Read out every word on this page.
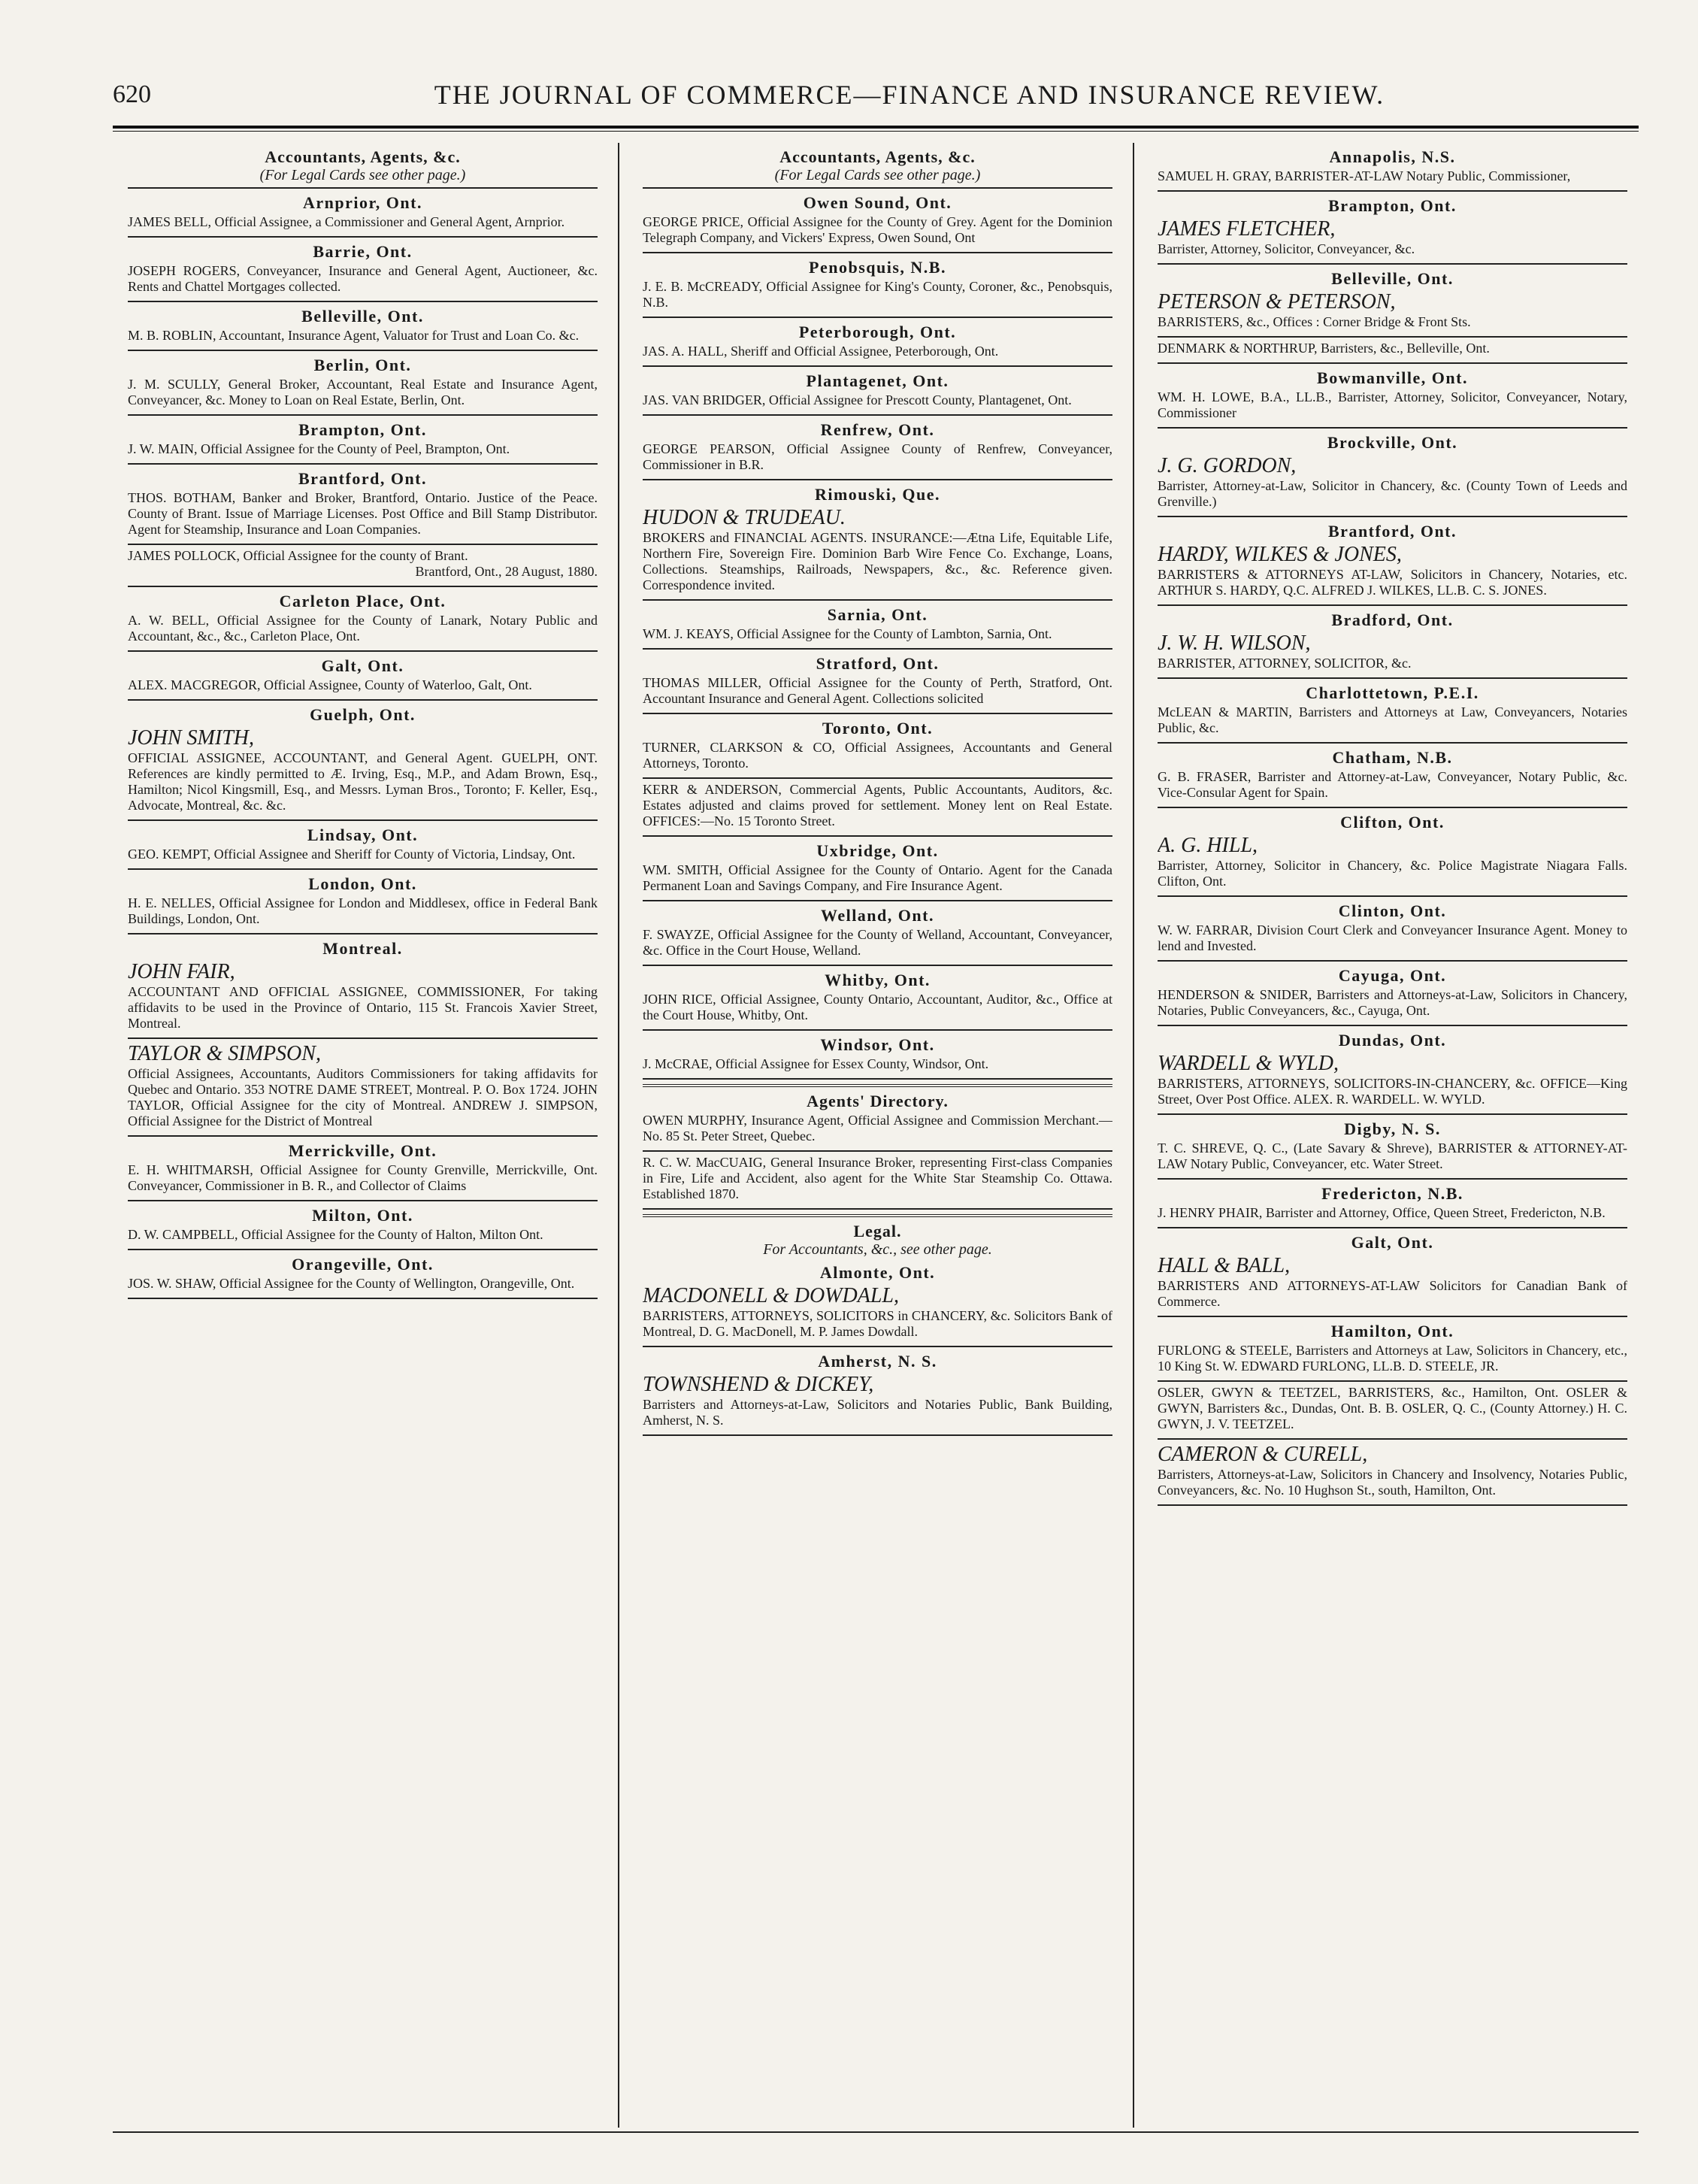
620	THE JOURNAL OF COMMERCE—FINANCE AND INSURANCE REVIEW.
Accountants, Agents, &c.
(For Legal Cards see other page.)
Arnprior, Ont.
JAMES BELL, Official Assignee, a Commissioner and General Agent, Arnprior.
Barrie, Ont.
JOSEPH ROGERS, Conveyancer, Insurance and General Agent, Auctioneer, &c. Rents and Chattel Mortgages collected.
Belleville, Ont.
M. B. ROBLIN, Accountant, Insurance Agent, Valuator for Trust and Loan Co. &c.
Berlin, Ont.
J. M. SCULLY, General Broker, Accountant, Real Estate and Insurance Agent, Conveyancer, &c. Money to Loan on Real Estate, Berlin, Ont.
Brampton, Ont.
J. W. MAIN, Official Assignee for the County of Peel, Brampton, Ont.
Brantford, Ont.
THOS. BOTHAM, Banker and Broker, Brantford, Ontario. Justice of the Peace. County of Brant. Issue of Marriage Licenses. Post Office and Bill Stamp Distributor. Agent for Steamship, Insurance and Loan Companies.
JAMES POLLOCK, Official Assignee for the county of Brant.
Brantford, Ont., 28 August, 1880.
Carleton Place, Ont.
A. W. BELL, Official Assignee for the County of Lanark, Notary Public and Accountant, &c., &c., Carleton Place, Ont.
Galt, Ont.
ALEX. MACGREGOR, Official Assignee, County of Waterloo, Galt, Ont.
Guelph, Ont.
JOHN SMITH,
OFFICIAL ASSIGNEE, ACCOUNTANT, and General Agent. GUELPH, ONT. References are kindly permitted to Æ. Irving, Esq., M.P., and Adam Brown, Esq., Hamilton; Nicol Kingsmill, Esq., and Messrs. Lyman Bros., Toronto; F. Keller, Esq., Advocate, Montreal, &c. &c.
Lindsay, Ont.
GEO. KEMPT, Official Assignee and Sheriff for County of Victoria, Lindsay, Ont.
London, Ont.
H. E. NELLES, Official Assignee for London and Middlesex, office in Federal Bank Buildings, London, Ont.
Montreal.
JOHN FAIR,
ACCOUNTANT AND OFFICIAL ASSIGNEE, COMMISSIONER, For taking affidavits to be used in the Province of Ontario, 115 St. Francois Xavier Street, Montreal.
TAYLOR & SIMPSON,
Official Assignees, Accountants, Auditors Commissioners for taking affidavits for Quebec and Ontario. 353 NOTRE DAME STREET, Montreal. P. O. Box 1724. JOHN TAYLOR, Official Assignee for the city of Montreal. ANDREW J. SIMPSON, Official Assignee for the District of Montreal
Merrickville, Ont.
E. H. WHITMARSH, Official Assignee for County Grenville, Merrickville, Ont. Conveyancer, Commissioner in B. R., and Collector of Claims
Milton, Ont.
D. W. CAMPBELL, Official Assignee for the County of Halton, Milton Ont.
Orangeville, Ont.
JOS. W. SHAW, Official Assignee for the County of Wellington, Orangeville, Ont.
Accountants, Agents, &c.
(For Legal Cards see other page.)
Owen Sound, Ont.
GEORGE PRICE, Official Assignee for the County of Grey. Agent for the Dominion Telegraph Company, and Vickers' Express, Owen Sound, Ont
Penobsquis, N.B.
J. E. B. McCREADY, Official Assignee for King's County, Coroner, &c., Penobsquis, N.B.
Peterborough, Ont.
JAS. A. HALL, Sheriff and Official Assignee, Peterborough, Ont.
Plantagenet, Ont.
JAS. VAN BRIDGER, Official Assignee for Prescott County, Plantagenet, Ont.
Renfrew, Ont.
GEORGE PEARSON, Official Assignee County of Renfrew, Conveyancer, Commissioner in B.R.
Rimouski, Que.
HUDON & TRUDEAU.
BROKERS and FINANCIAL AGENTS. INSURANCE:—Ætna Life, Equitable Life, Northern Fire, Sovereign Fire. Dominion Barb Wire Fence Co. Exchange, Loans, Collections. Steamships, Railroads, Newspapers, &c., &c. Reference given. Correspondence invited.
Sarnia, Ont.
WM. J. KEAYS, Official Assignee for the County of Lambton, Sarnia, Ont.
Stratford, Ont.
THOMAS MILLER, Official Assignee for the County of Perth, Stratford, Ont. Accountant Insurance and General Agent. Collections solicited
Toronto, Ont.
TURNER, CLARKSON & CO, Official Assignees, Accountants and General Attorneys, Toronto.
KERR & ANDERSON, Commercial Agents, Public Accountants, Auditors, &c. Estates adjusted and claims proved for settlement. Money lent on Real Estate. OFFICES:—No. 15 Toronto Street.
Uxbridge, Ont.
WM. SMITH, Official Assignee for the County of Ontario. Agent for the Canada Permanent Loan and Savings Company, and Fire Insurance Agent.
Welland, Ont.
F. SWAYZE, Official Assignee for the County of Welland, Accountant, Conveyancer, &c. Office in the Court House, Welland.
Whitby, Ont.
JOHN RICE, Official Assignee, County Ontario, Accountant, Auditor, &c., Office at the Court House, Whitby, Ont.
Windsor, Ont.
J. McCRAE, Official Assignee for Essex County, Windsor, Ont.
Agents' Directory.
OWEN MURPHY, Insurance Agent, Official Assignee and Commission Merchant.—No. 85 St. Peter Street, Quebec.
R. C. W. MacCUAIG, General Insurance Broker, representing First-class Companies in Fire, Life and Accident, also agent for the White Star Steamship Co. Ottawa. Established 1870.
Legal.
For Accountants, &c., see other page.
Almonte, Ont.
MACDONELL & DOWDALL,
BARRISTERS, ATTORNEYS, SOLICITORS in CHANCERY, &c. Solicitors Bank of Montreal, D. G. MacDonell, M. P. James Dowdall.
Amherst, N. S.
TOWNSHEND & DICKEY,
Barristers and Attorneys-at-Law, Solicitors and Notaries Public, Bank Building, Amherst, N. S.
Annapolis, N.S.
SAMUEL H. GRAY, BARRISTER-AT-LAW Notary Public, Commissioner,
Brampton, Ont.
JAMES FLETCHER,
Barrister, Attorney, Solicitor, Conveyancer, &c.
Belleville, Ont.
PETERSON & PETERSON,
BARRISTERS, &c., Offices : Corner Bridge & Front Sts.
DENMARK & NORTHRUP, Barristers, &c., Belleville, Ont.
Bowmanville, Ont.
WM. H. LOWE, B.A., LL.B., Barrister, Attorney, Solicitor, Conveyancer, Notary, Commissioner
Brockville, Ont.
J. G. GORDON,
Barrister, Attorney-at-Law, Solicitor in Chancery, &c. (County Town of Leeds and Grenville.)
Brantford, Ont.
HARDY, WILKES & JONES,
BARRISTERS & ATTORNEYS AT-LAW, Solicitors in Chancery, Notaries, etc. ARTHUR S. HARDY, Q.C. ALFRED J. WILKES, LL.B. C. S. JONES.
Bradford, Ont.
J. W. H. WILSON,
BARRISTER, ATTORNEY, SOLICITOR, &c.
Charlottetown, P.E.I.
McLEAN & MARTIN, Barristers and Attorneys at Law, Conveyancers, Notaries Public, &c.
Chatham, N.B.
G. B. FRASER, Barrister and Attorney-at-Law, Conveyancer, Notary Public, &c. Vice-Consular Agent for Spain.
Clifton, Ont.
A. G. HILL,
Barrister, Attorney, Solicitor in Chancery, &c. Police Magistrate Niagara Falls. Clifton, Ont.
Clinton, Ont.
W. W. FARRAR, Division Court Clerk and Conveyancer Insurance Agent. Money to lend and Invested.
Cayuga, Ont.
HENDERSON & SNIDER, Barristers and Attorneys-at-Law, Solicitors in Chancery, Notaries, Public Conveyancers, &c., Cayuga, Ont.
Dundas, Ont.
WARDELL & WYLD,
BARRISTERS, ATTORNEYS, SOLICITORS-IN-CHANCERY, &c. OFFICE—King Street, Over Post Office. ALEX. R. WARDELL. W. WYLD.
Digby, N. S.
T. C. SHREVE, Q. C., (Late Savary & Shreve), BARRISTER & ATTORNEY-AT-LAW Notary Public, Conveyancer, etc. Water Street.
Fredericton, N.B.
J. HENRY PHAIR, Barrister and Attorney, Office, Queen Street, Fredericton, N.B.
Galt, Ont.
HALL & BALL,
BARRISTERS AND ATTORNEYS-AT-LAW Solicitors for Canadian Bank of Commerce.
Hamilton, Ont.
FURLONG & STEELE, Barristers and Attorneys at Law, Solicitors in Chancery, etc., 10 King St. W. EDWARD FURLONG, LL.B. D. STEELE, JR.
OSLER, GWYN & TEETZEL, BARRISTERS, &c., Hamilton, Ont. OSLER & GWYN, Barristers &c., Dundas, Ont. B. B. OSLER, Q. C., (County Attorney.) H. C. GWYN, J. V. TEETZEL.
CAMERON & CURELL,
Barristers, Attorneys-at-Law, Solicitors in Chancery and Insolvency, Notaries Public, Conveyancers, &c. No. 10 Hughson St., south, Hamilton, Ont.
